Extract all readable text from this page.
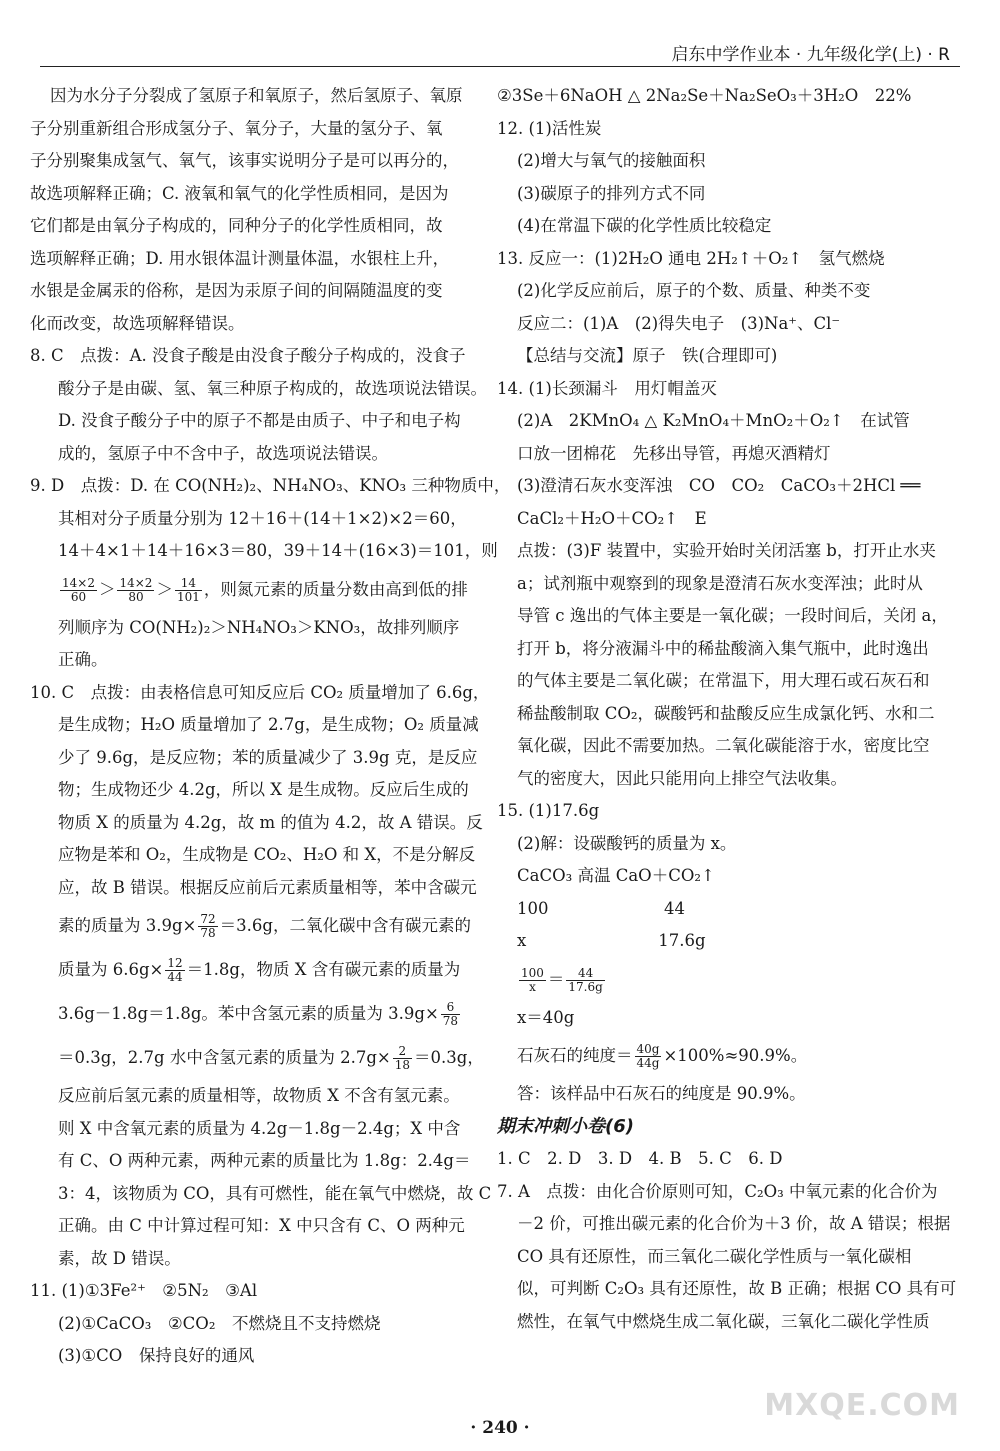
启东中学作业本 · 九年级化学(上) · R
因为水分子分裂成了氢原子和氧原子，然后氢原子、氧原
子分别重新组合形成氢分子、氧分子，大量的氢分子、氧
子分别聚集成氢气、氧气，该事实说明分子是可以再分的，
故选项解释正确；C. 液氧和氧气的化学性质相同，是因为
它们都是由氧分子构成的，同种分子的化学性质相同，故
选项解释正确；D. 用水银体温计测量体温，水银柱上升，
水银是金属汞的俗称，是因为汞原子间的间隔随温度的变
化而改变，故选项解释错误。
8. C　点拨：A. 没食子酸是由没食子酸分子构成的，没食子
酸分子是由碳、氢、氧三种原子构成的，故选项说法错误。
D. 没食子酸分子中的原子不都是由质子、中子和电子构
成的，氢原子中不含中子，故选项说法错误。
9. D　点拨：D. 在 CO(NH₂)₂、NH₄NO₃、KNO₃ 三种物质中，
其相对分子质量分别为 12＋16＋(14＋1×2)×2＝60，
14＋4×1＋14＋16×3＝80，39＋14＋(16×3)＝101，则
$\frac{14\times 2}{60} > \frac{14\times 2}{80} > \frac{14}{101}$ ，则氮元素的质量分数由高到低的排
列顺序为 CO(NH₂)₂＞NH₄NO₃＞KNO₃，故排列顺序
正确。
10. C　点拨：由表格信息可知反应后 CO₂ 质量增加了 6.6g，
是生成物；H₂O 质量增加了 2.7g，是生成物；O₂ 质量减
少了 9.6g，是反应物；苯的质量减少了 3.9g 克，是反应
物；生成物还少 4.2g，所以 X 是生成物。反应后生成的
物质 X 的质量为 4.2g，故 m 的值为 4.2，故 A 错误。反
应物是苯和 O₂，生成物是 CO₂、H₂O 和 X，不是分解反
应，故 B 错误。根据反应前后元素质量相等，苯中含碳元
素的质量为 $3.9g\times \frac{72}{78} =3.6g$，二氧化碳中含有碳元素的
质量为 $6.6g\times \frac{12}{44} =1.8g$，物质 X 含有碳元素的质量为
3.6g－1.8g＝1.8g。苯中含氢元素的质量为 $3.9g\times \frac{6}{78}$
＝0.3g，2.7g 水中含氢元素的质量为 $2.7g\times \frac{2}{18} =0.3g$，
反应前后氢元素的质量相等，故物质 X 不含有氢元素。
则 X 中含氧元素的质量为 4.2g－1.8g－2.4g；X 中含
有 C、O 两种元素，两种元素的质量比为 1.8g：2.4g＝
3：4，该物质为 CO，具有可燃性，能在氧气中燃烧，故 C
正确。由 C 中计算过程可知：X 中只含有 C、O 两种元
素，故 D 错误。
11. (1)①3Fe²⁺　②5N₂　③Al
(2)①CaCO₃　②CO₂　不燃烧且不支持燃烧
(3)①CO　保持良好的通风
②3Se＋6NaOH △ 2Na₂Se＋Na₂SeO₃＋3H₂O　22%
12. (1)活性炭
(2)增大与氧气的接触面积
(3)碳原子的排列方式不同
(4)在常温下碳的化学性质比较稳定
13. 反应一：(1)2H₂O 通电 2H₂↑＋O₂↑　氢气燃烧
(2)化学反应前后，原子的个数、质量、种类不变
反应二：(1)A　(2)得失电子　(3)Na⁺、Cl⁻
【总结与交流】原子　铁(合理即可)
14. (1)长颈漏斗　用灯帽盖灭
(2)A　2KMnO₄ △ K₂MnO₄＋MnO₂＋O₂↑　在试管
口放一团棉花　先移出导管，再熄灭酒精灯
(3)澄清石灰水变浑浊　CO　CO₂　CaCO₃＋2HCl ══
CaCl₂＋H₂O＋CO₂↑　E
点拨：(3)F 装置中，实验开始时关闭活塞 b，打开止水夹
a；试剂瓶中观察到的现象是澄清石灰水变浑浊；此时从
导管 c 逸出的气体主要是一氧化碳；一段时间后，关闭 a，
打开 b，将分液漏斗中的稀盐酸滴入集气瓶中，此时逸出
的气体主要是二氧化碳；在常温下，用大理石或石灰石和
稀盐酸制取 CO₂，碳酸钙和盐酸反应生成氯化钙、水和二
氧化碳，因此不需要加热。二氧化碳能溶于水，密度比空
气的密度大，因此只能用向上排空气法收集。
15. (1)17.6g
(2)解：设碳酸钙的质量为 x。
CaCO₃ 高温 CaO＋CO₂↑
100　　　　　　　44
x　　　　　　　　17.6g
$\frac{100}{x} = \frac{44}{17.6g}$
x＝40g
石灰石的纯度＝ $\frac{40g}{44g} \times 100\%\approx 90.9\%$。
答：该样品中石灰石的纯度是 90.9%。
期末冲刺小卷(6)
1. C　2. D　3. D　4. B　5. C　6. D
7. A　点拨：由化合价原则可知，C₂O₃ 中氧元素的化合价为
－2 价，可推出碳元素的化合价为＋3 价，故 A 错误；根据
CO 具有还原性，而三氧化二碳化学性质与一氧化碳相
似，可判断 C₂O₃ 具有还原性，故 B 正确；根据 CO 具有可
燃性，在氧气中燃烧生成二氧化碳，三氧化二碳化学性质
· 240 ·
MXQE.COM
